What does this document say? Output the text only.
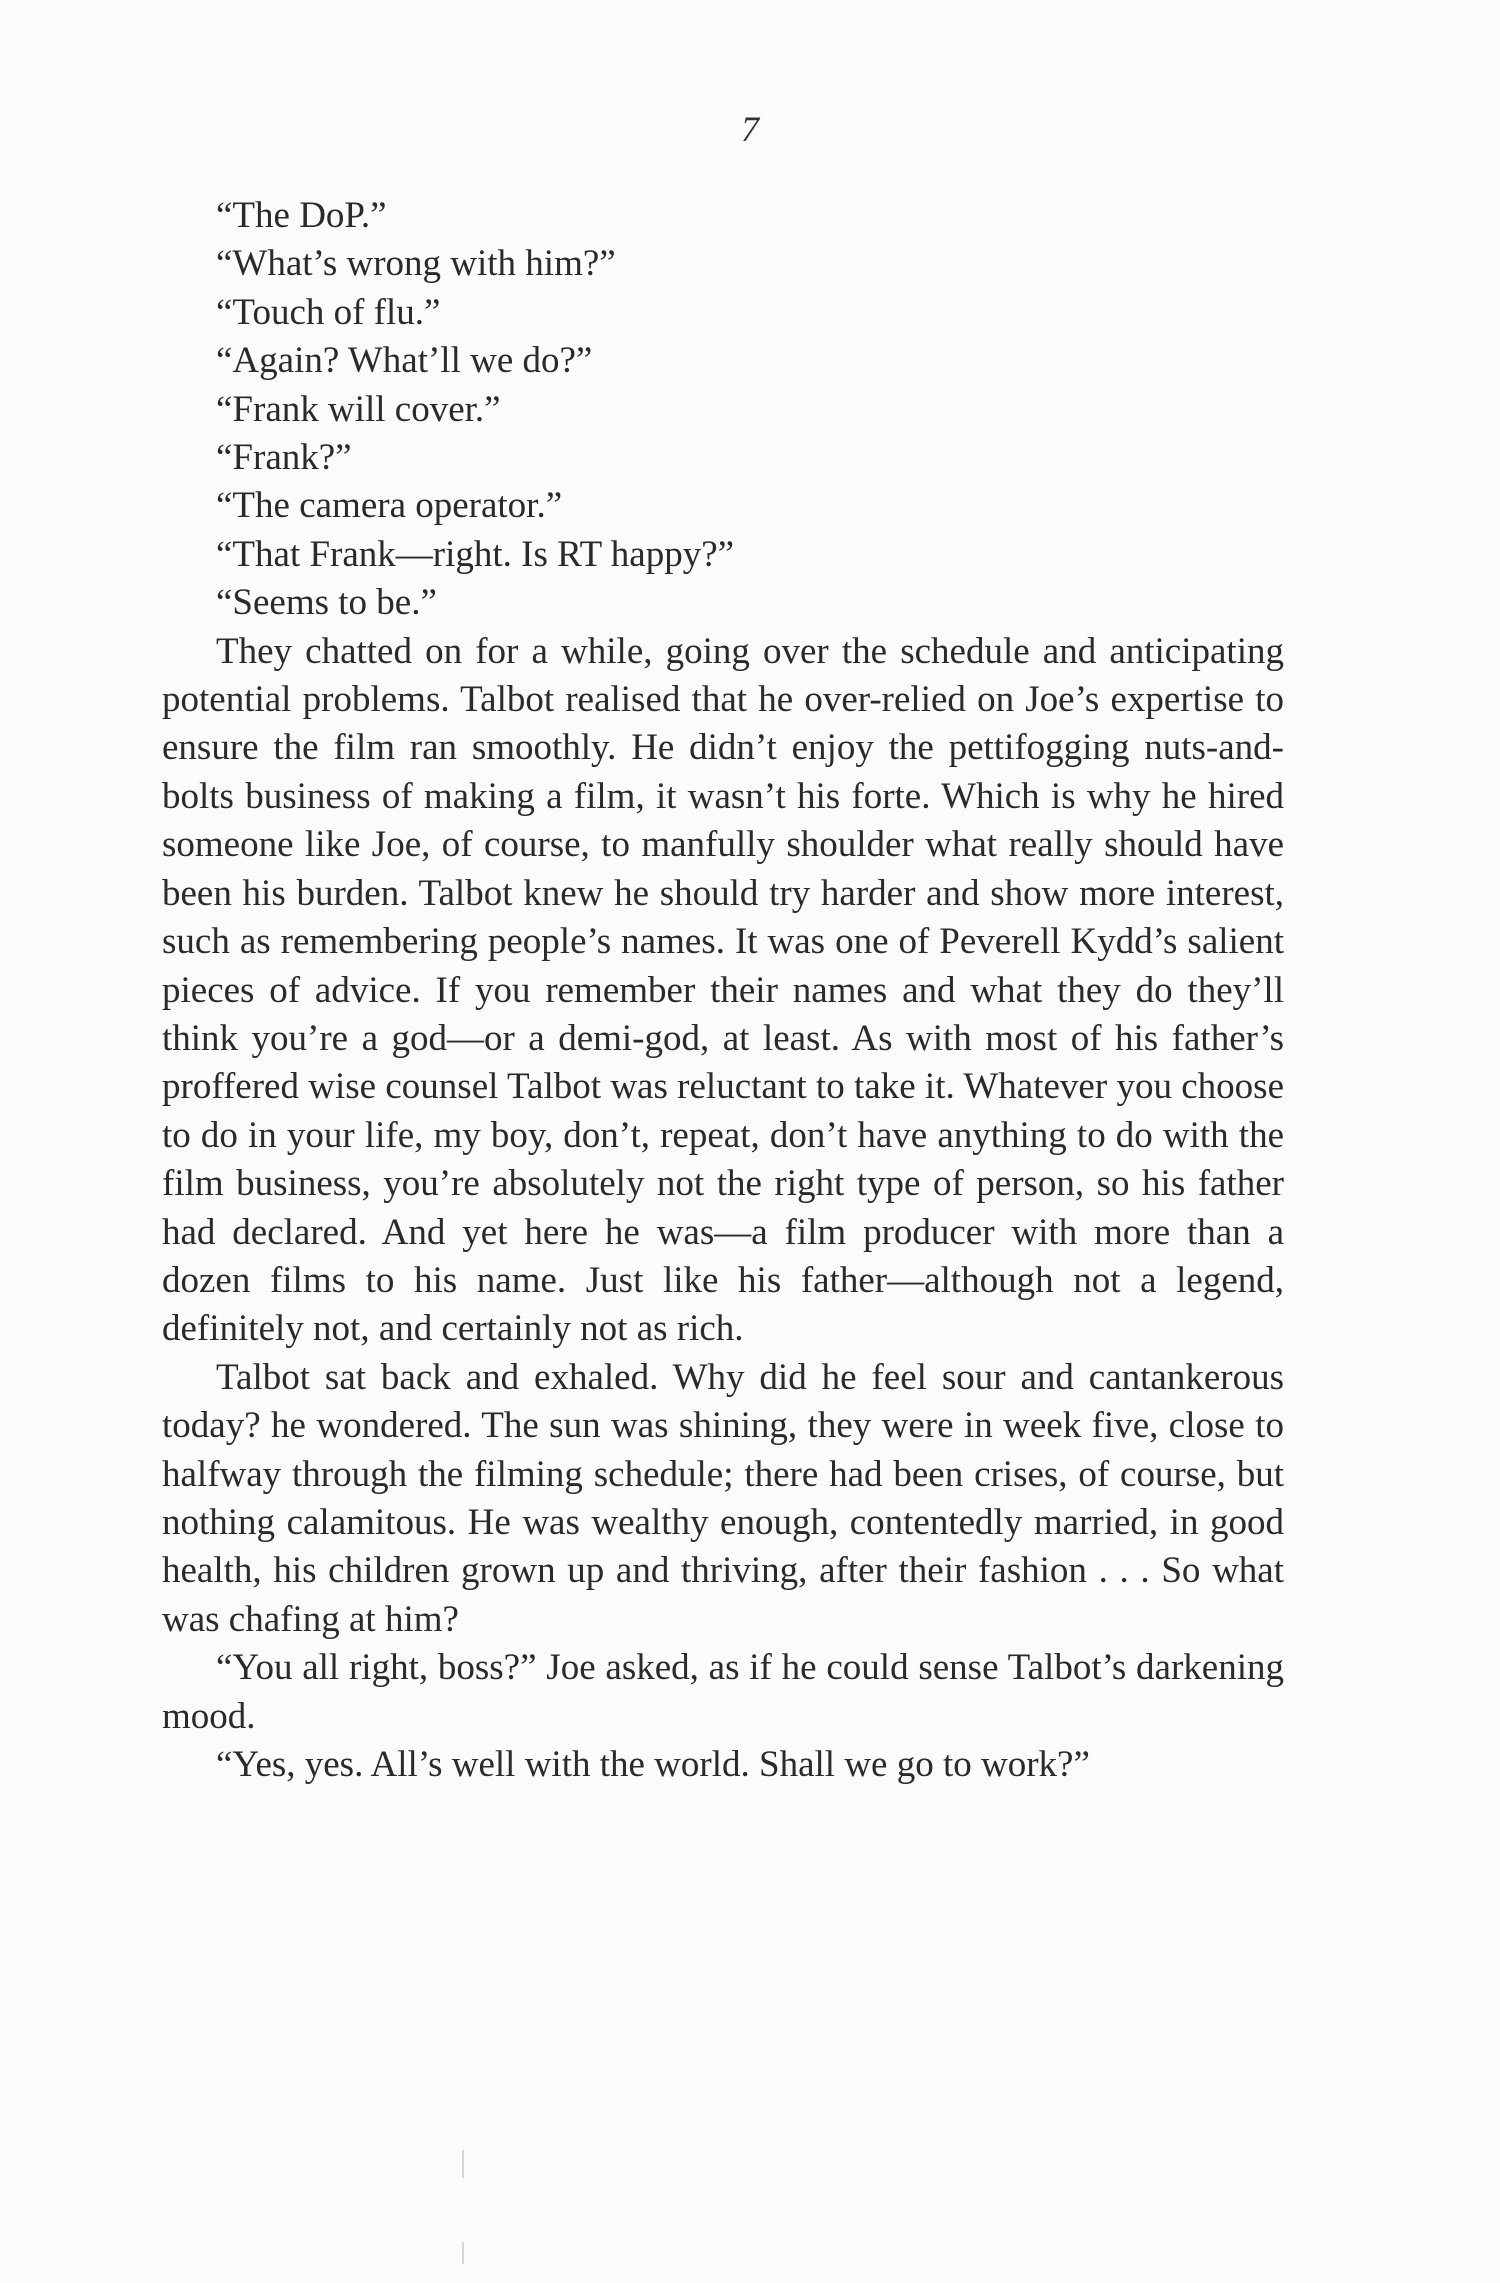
7

“The DoP.”

“What’s wrong with him?”

“Touch of flu.”

“Again? What’ll we do?”

“Frank will cover.”

“Frank?”

“The camera operator.”

“That Frank—right. Is RT happy?”

“Seems to be.”

They chatted on for a while, going over the schedule and anticipating potential problems. Talbot realised that he over-relied on Joe’s expertise to ensure the film ran smoothly. He didn’t enjoy the pettifogging nuts-and-bolts business of making a film, it wasn’t his forte. Which is why he hired someone like Joe, of course, to manfully shoulder what really should have been his burden. Talbot knew he should try harder and show more interest, such as remembering people’s names. It was one of Peverell Kydd’s salient pieces of advice. If you remember their names and what they do they’ll think you’re a god—or a demi-god, at least. As with most of his father’s proffered wise counsel Talbot was reluctant to take it. Whatever you choose to do in your life, my boy, don’t, repeat, don’t have anything to do with the film business, you’re absolutely not the right type of person, so his father had declared. And yet here he was—a film producer with more than a dozen films to his name. Just like his father—although not a legend, definitely not, and certainly not as rich.

Talbot sat back and exhaled. Why did he feel sour and cantankerous today? he wondered. The sun was shining, they were in week five, close to halfway through the filming schedule; there had been crises, of course, but nothing calamitous. He was wealthy enough, contentedly married, in good health, his children grown up and thriving, after their fashion . . . So what was chafing at him?

“You all right, boss?” Joe asked, as if he could sense Talbot’s darkening mood.

“Yes, yes. All’s well with the world. Shall we go to work?”
